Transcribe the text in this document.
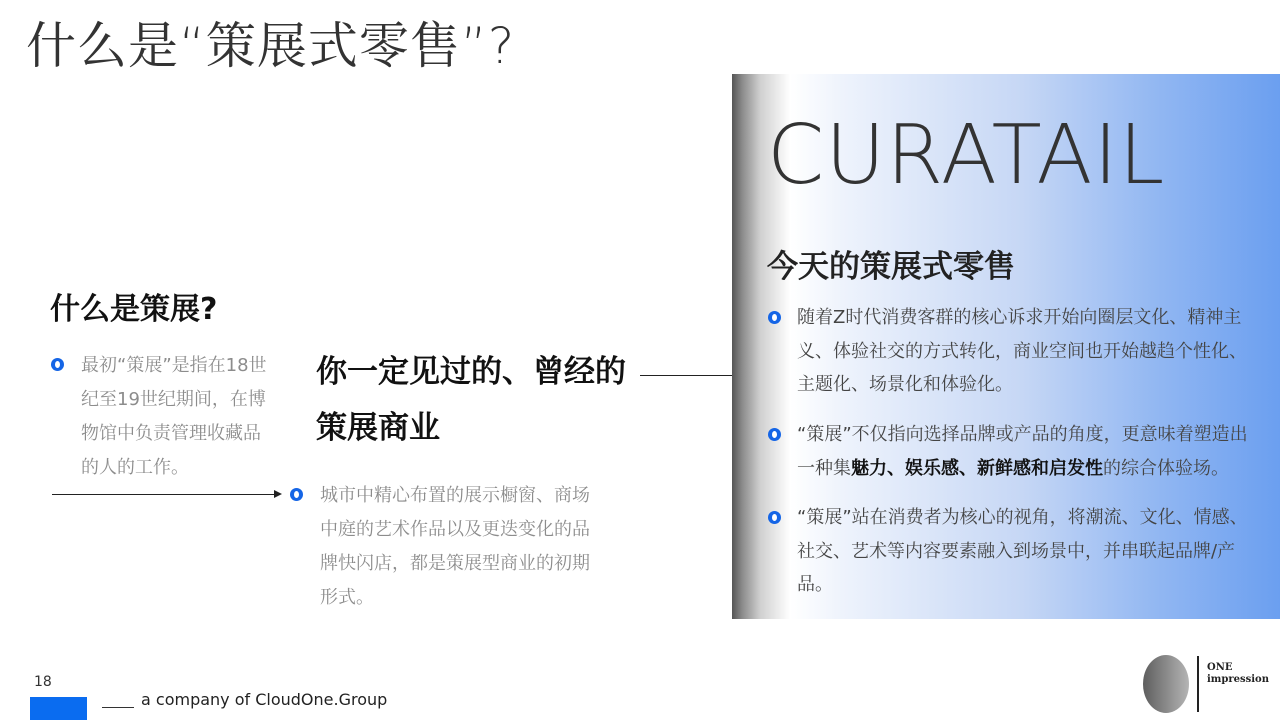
什么是“策展式零售”?
什么是策展?
最初“策展”是指在18世纪至19世纪期间，在博物馆中负责管理收藏品的人的工作。
你一定见过的、曾经的策展商业
城市中精心布置的展示橱窗、商场中庭的艺术作品以及更迭变化的品牌快闪店，都是策展型商业的初期形式。
CURATAIL
今天的策展式零售
随着Z时代消费客群的核心诉求开始向圈层文化、精神主义、体验社交的方式转化，商业空间也开始越趋个性化、主题化、场景化和体验化。
“策展”不仅指向选择品牌或产品的角度，更意味着塑造出一种集魅力、娱乐感、新鲜感和启发性的综合体验场。
“策展”站在消费者为核心的视角，将潮流、文化、情感、社交、艺术等内容要素融入到场景中，并串联起品牌/产品。
18
a company of CloudOne.Group
ONE
impression
